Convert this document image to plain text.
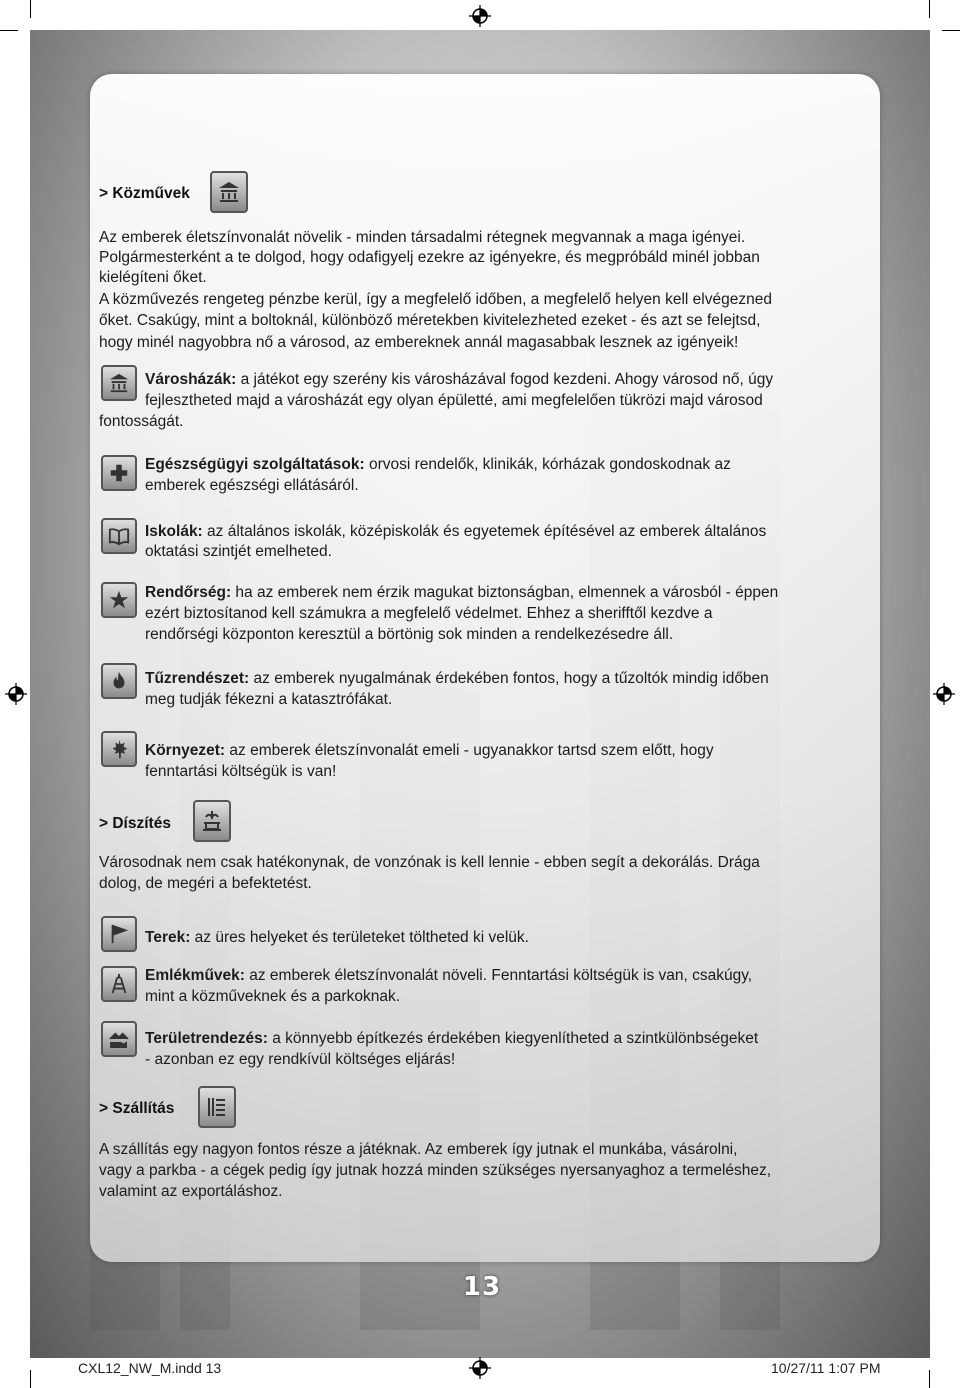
> Közművek
Az emberek életszínvonalát növelik - minden társadalmi rétegnek megvannak a maga igényei.
Polgármesterként a te dolgod, hogy odafigyelj ezekre az igényekre, és megpróbáld minél jobban
kielégíteni őket.
A közművezés rengeteg pénzbe kerül, így a megfelelő időben, a megfelelő helyen kell elvégezned
őket. Csakúgy, mint a boltoknál, különböző méretekben kivitelezheted ezeket - és azt se felejtsd,
hogy minél nagyobbra nő a városod, az embereknek annál magasabbak lesznek az igényeik!
Városházák: a játékot egy szerény kis városházával fogod kezdeni. Ahogy városod nő, úgy
fejlesztheted majd a városházát egy olyan épületté, ami megfelelően tükrözi majd városod
fontosságát.
Egészségügyi szolgáltatások: orvosi rendelők, klinikák, kórházak gondoskodnak az
emberek egészségi ellátásáról.
Iskolák: az általános iskolák, középiskolák és egyetemek építésével az emberek általános
oktatási szintjét emelheted.
Rendőrség: ha az emberek nem érzik magukat biztonságban, elmennek a városból - éppen
ezért biztosítanod kell számukra a megfelelő védelmet. Ehhez a sherifftől kezdve a
rendőrségi központon keresztül a börtönig sok minden a rendelkezésedre áll.
Tűzrendészet: az emberek nyugalmának érdekében fontos, hogy a tűzoltók mindig időben
meg tudják fékezni a katasztrófákat.
Környezet: az emberek életszínvonalát emeli - ugyanakkor tartsd szem előtt, hogy
fenntartási költségük is van!
> Díszítés
Városodnak nem csak hatékonynak, de vonzónak is kell lennie - ebben segít a dekorálás. Drága
dolog, de megéri a befektetést.
Terek: az üres helyeket és területeket töltheted ki velük.
Emlékművek: az emberek életszínvonalát növeli. Fenntartási költségük is van, csakúgy,
mint a közműveknek és a parkoknak.
Területrendezés: a könnyebb építkezés érdekében kiegyenlítheted a szintkülönbségeket
- azonban ez egy rendkívül költséges eljárás!
> Szállítás
A szállítás egy nagyon fontos része a játéknak. Az emberek így jutnak el munkába, vásárolni,
vagy a parkba - a cégek pedig így jutnak hozzá minden szükséges nyersanyaghoz a termeléshez,
valamint az exportáláshoz.
13
CXL12_NW_M.indd 13	10/27/11 1:07 PM
